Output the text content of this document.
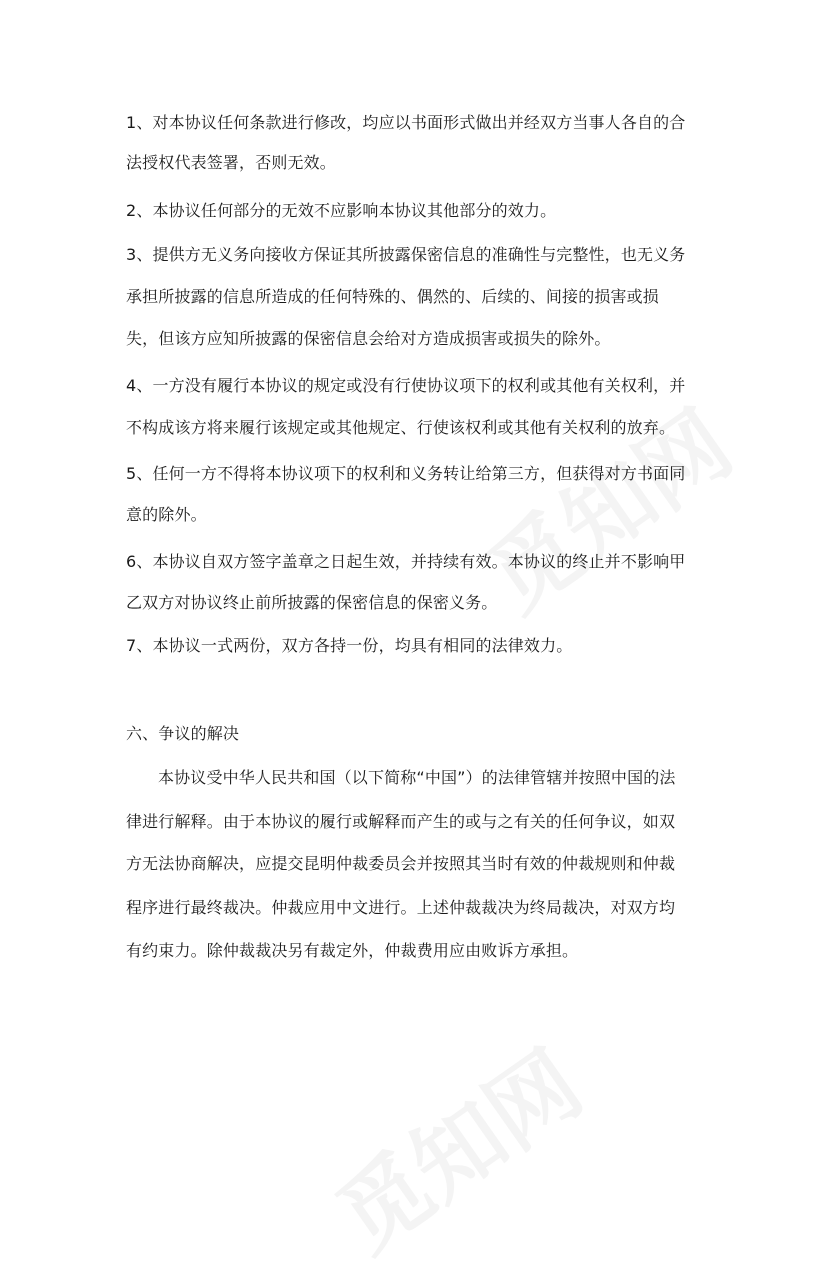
1、对本协议任何条款进行修改，均应以书面形式做出并经双方当事人各自的合
法授权代表签署，否则无效。
2、本协议任何部分的无效不应影响本协议其他部分的效力。
3、提供方无义务向接收方保证其所披露保密信息的准确性与完整性，也无义务
承担所披露的信息所造成的任何特殊的、偶然的、后续的、间接的损害或损
失，但该方应知所披露的保密信息会给对方造成损害或损失的除外。
4、一方没有履行本协议的规定或没有行使协议项下的权利或其他有关权利，并
不构成该方将来履行该规定或其他规定、行使该权利或其他有关权利的放弃。
5、任何一方不得将本协议项下的权利和义务转让给第三方，但获得对方书面同
意的除外。
6、本协议自双方签字盖章之日起生效，并持续有效。本协议的终止并不影响甲
乙双方对协议终止前所披露的保密信息的保密义务。
7、本协议一式两份，双方各持一份，均具有相同的法律效力。
六、争议的解决
本协议受中华人民共和国（以下简称“中国”）的法律管辖并按照中国的法
律进行解释。由于本协议的履行或解释而产生的或与之有关的任何争议，如双
方无法协商解决，应提交昆明仲裁委员会并按照其当时有效的仲裁规则和仲裁
程序进行最终裁决。仲裁应用中文进行。上述仲裁裁决为终局裁决，对双方均
有约束力。除仲裁裁决另有裁定外，仲裁费用应由败诉方承担。
